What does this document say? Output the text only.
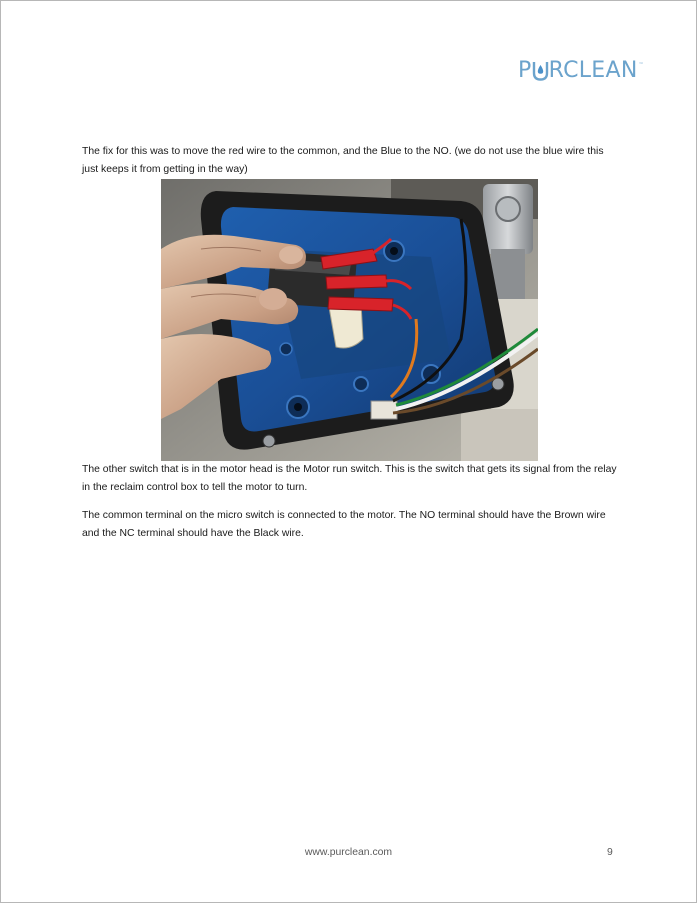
P RCLEAN ™

The fix for this was to move the red wire to the common, and the Blue to the NO. (we do not use the blue wire this just keeps it from getting in the way)

The other switch that is in the motor head is the Motor run switch. This is the switch that gets its signal from the relay in the reclaim control box to tell the motor to turn.

The common terminal on the micro switch is connected to the motor. The NO terminal should have the Brown wire and the NC terminal should have the Black wire.

www.purclean.com	9
